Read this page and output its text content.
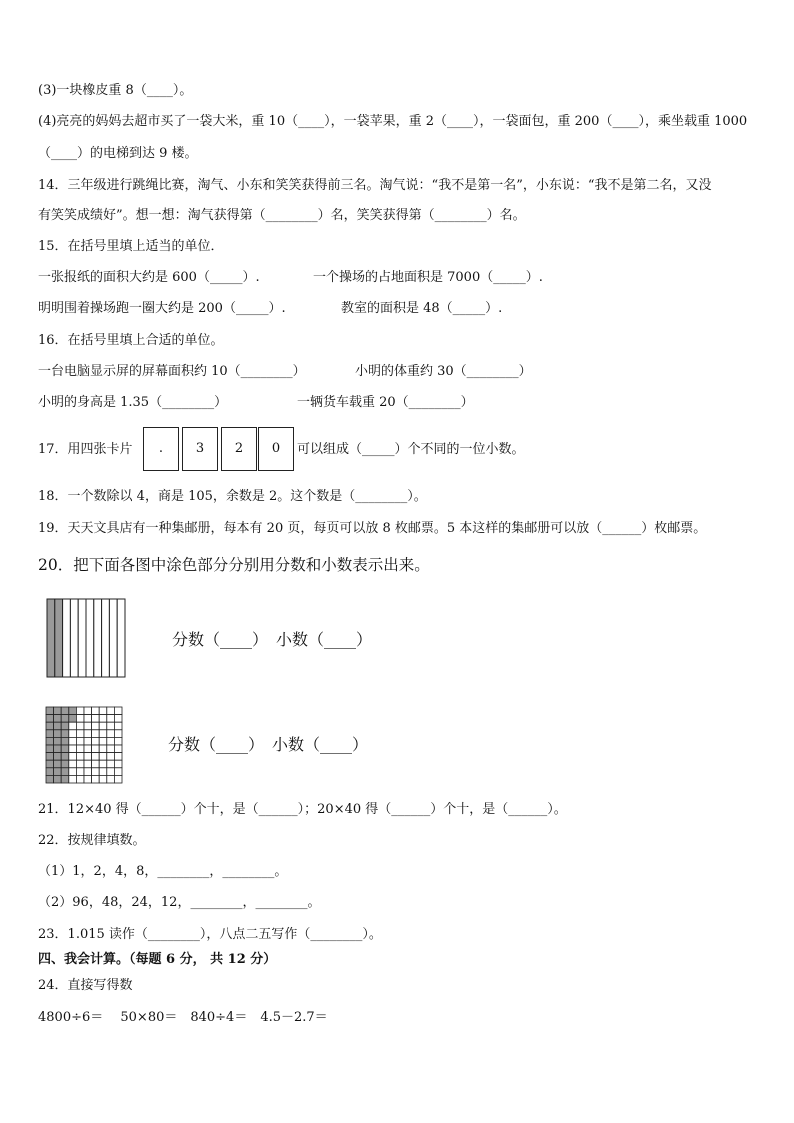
(3)一块橡皮重 8（____）。
(4)亮亮的妈妈去超市买了一袋大米，重 10（____），一袋苹果，重 2（____），一袋面包，重 200（____），乘坐载重 1000
（____）的电梯到达 9 楼。
14．三年级进行跳绳比赛，淘气、小东和笑笑获得前三名。淘气说：“我不是第一名”，小东说：“我不是第二名，又没
有笑笑成绩好”。想一想：淘气获得第（________）名，笑笑获得第（________）名。
15．在括号里填上适当的单位．
一张报纸的面积大约是 600（_____）.	一个操场的占地面积是 7000（_____）.
明明围着操场跑一圈大约是 200（_____）.	教室的面积是 48（_____）.
16．在括号里填上合适的单位。
一台电脑显示屏的屏幕面积约 10（________）	小明的体重约 30（________）
小明的身高是 1.35（________）	一辆货车载重 20（________）
17．用四张卡片	.	3	2	0	可以组成（_____）个不同的一位小数。
18．一个数除以 4，商是 105，余数是 2。这个数是（________）。
19．天天文具店有一种集邮册，每本有 20 页，每页可以放 8 枚邮票。5 本这样的集邮册可以放（______）枚邮票。
20．把下面各图中涂色部分分别用分数和小数表示出来。
分数（____）　小数（____）
分数（____）　小数（____）
21．12×40 得（______）个十，是（______）；20×40 得（______）个十，是（______）。
22．按规律填数。
（1）1，2，4，8，________，________。
（2）96，48，24，12，________，________。
23．1.015 读作（________），八点二五写作（________）。
四、我会计算。（每题 6 分， 共 12 分）
24．直接写得数
4800÷6＝　 50×80＝　840÷4＝　4.5－2.7＝
